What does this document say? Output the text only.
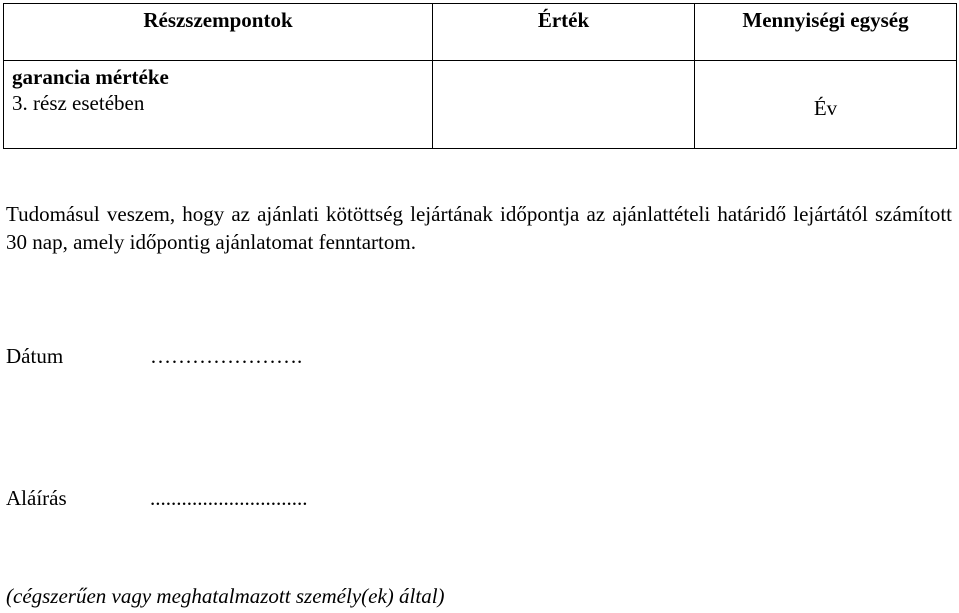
Részszempontok	Érték	Mennyiségi egység

garancia mértéke
3. rész esetében		Év

Tudomásul veszem, hogy az ajánlati kötöttség lejártának időpontja az ajánlattételi határidő lejártától számított 30 nap, amely időpontig ajánlatomat fenntartom.

Dátum	………………….
Aláírás	..............................
(cégszerűen vagy meghatalmazott személy(ek) által)
